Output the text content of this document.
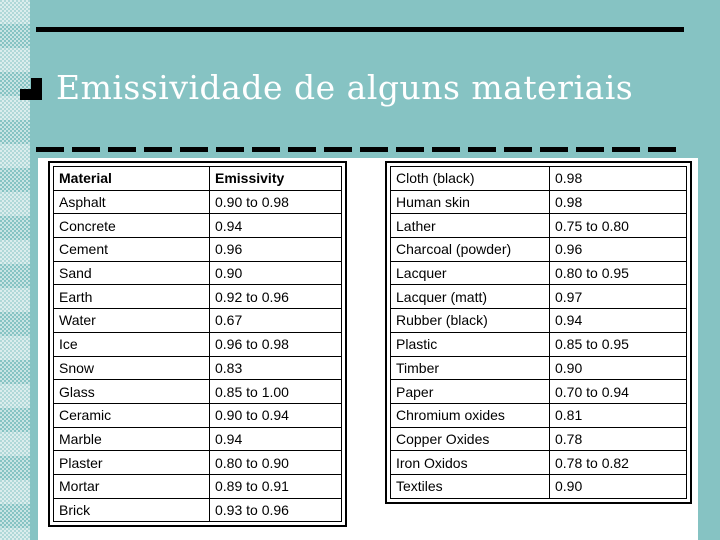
Emissividade de alguns materiais
Material	Emissivity
Asphalt	0.90 to 0.98
Concrete	0.94
Cement	0.96
Sand	0.90
Earth	0.92 to 0.96
Water	0.67
Ice	0.96 to 0.98
Snow	0.83
Glass	0.85 to 1.00
Ceramic	0.90 to 0.94
Marble	0.94
Plaster	0.80 to 0.90
Mortar	0.89 to 0.91
Brick	0.93 to 0.96
Cloth (black)	0.98
Human skin	0.98
Lather	0.75 to 0.80
Charcoal (powder)	0.96
Lacquer	0.80 to 0.95
Lacquer (matt)	0.97
Rubber (black)	0.94
Plastic	0.85 to 0.95
Timber	0.90
Paper	0.70 to 0.94
Chromium oxides	0.81
Copper Oxides	0.78
Iron Oxidos	0.78 to 0.82
Textiles	0.90
